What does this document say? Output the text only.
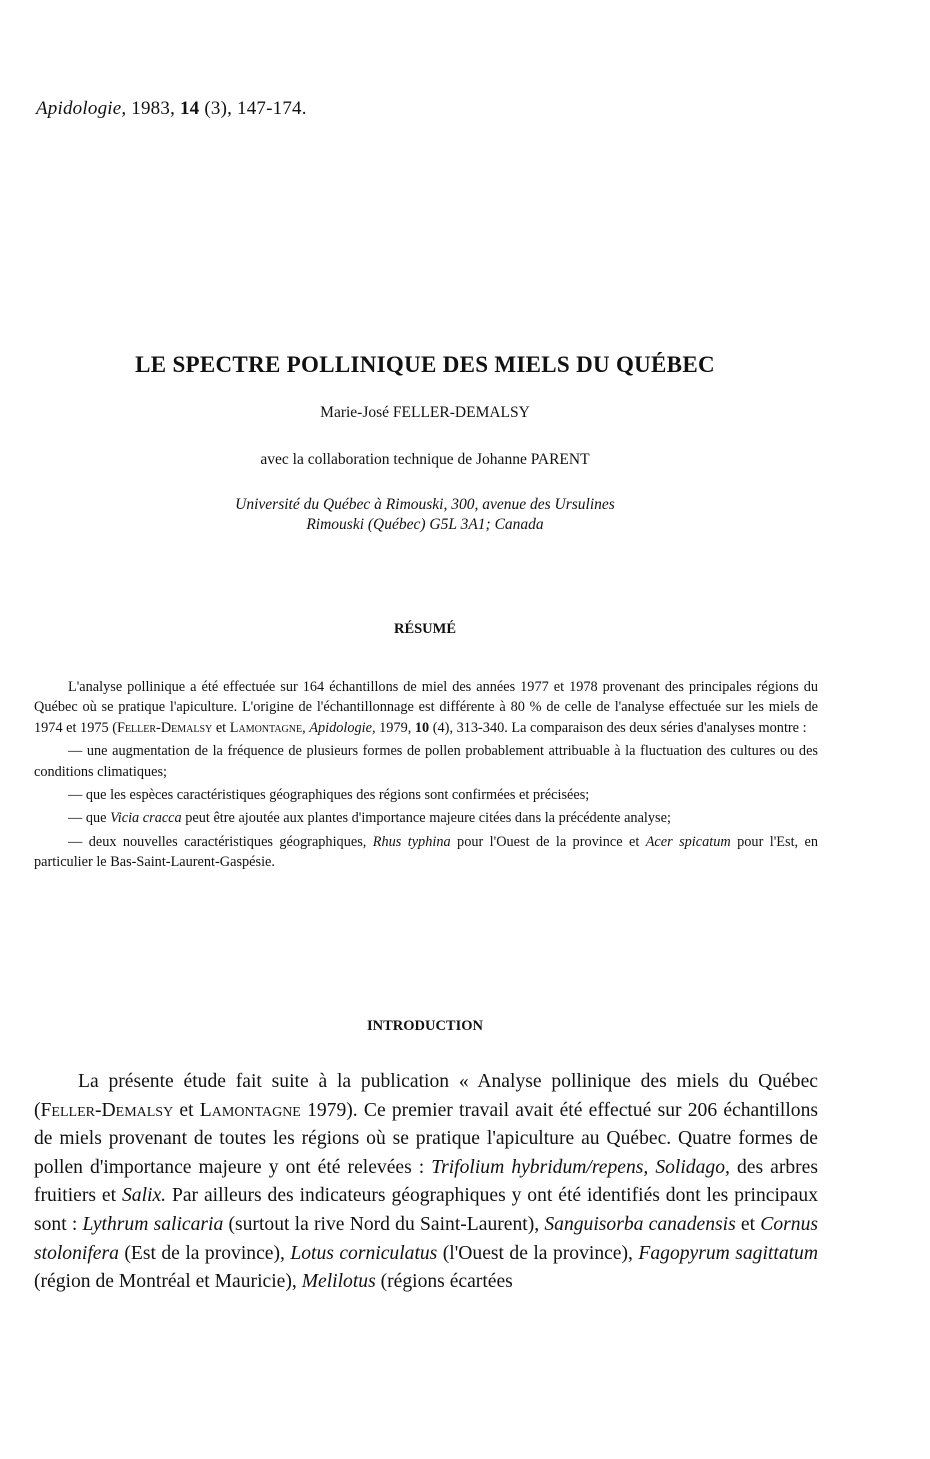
Apidologie, 1983, 14 (3), 147-174.
LE SPECTRE POLLINIQUE DES MIELS DU QUÉBEC
Marie-José FELLER-DEMALSY
avec la collaboration technique de Johanne PARENT
Université du Québec à Rimouski, 300, avenue des Ursulines
Rimouski (Québec) G5L 3A1; Canada
RÉSUMÉ

L'analyse pollinique a été effectuée sur 164 échantillons de miel des années 1977 et 1978 provenant des principales régions du Québec où se pratique l'apiculture. L'origine de l'échantillonnage est différente à 80 % de celle de l'analyse effectuée sur les miels de 1974 et 1975 (Feller-Demalsy et Lamontagne, Apidologie, 1979, 10 (4), 313-340. La comparaison des deux séries d'analyses montre :

— une augmentation de la fréquence de plusieurs formes de pollen probablement attribuable à la fluctuation des cultures ou des conditions climatiques;

— que les espèces caractéristiques géographiques des régions sont confirmées et précisées;

— que Vicia cracca peut être ajoutée aux plantes d'importance majeure citées dans la précédente analyse;

— deux nouvelles caractéristiques géographiques, Rhus typhina pour l'Ouest de la province et Acer spicatum pour l'Est, en particulier le Bas-Saint-Laurent-Gaspésie.

INTRODUCTION

La présente étude fait suite à la publication « Analyse pollinique des miels du Québec (Feller-Demalsy et Lamontagne 1979). Ce premier travail avait été effectué sur 206 échantillons de miels provenant de toutes les régions où se pratique l'apiculture au Québec. Quatre formes de pollen d'importance majeure y ont été relevées : Trifolium hybridum/repens, Solidago, des arbres fruitiers et Salix. Par ailleurs des indicateurs géographiques y ont été identifiés dont les principaux sont : Lythrum salicaria (surtout la rive Nord du Saint-Laurent), Sanguisorba canadensis et Cornus stolonifera (Est de la province), Lotus corniculatus (l'Ouest de la province), Fagopyrum sagittatum (région de Montréal et Mauricie), Melilotus (régions écartées
